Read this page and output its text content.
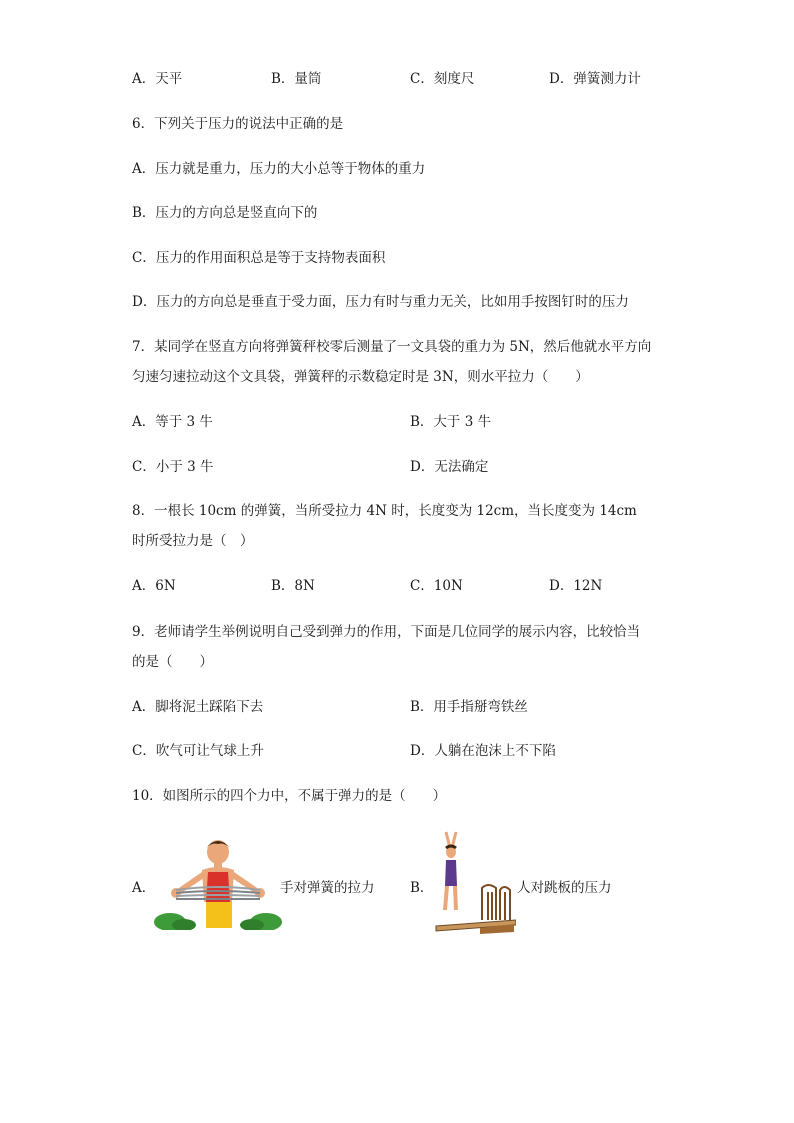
A．天平	B．量筒	C．刻度尺	D．弹簧测力计
6．下列关于压力的说法中正确的是
A．压力就是重力，压力的大小总等于物体的重力
B．压力的方向总是竖直向下的
C．压力的作用面积总是等于支持物表面积
D．压力的方向总是垂直于受力面，压力有时与重力无关，比如用手按图钉时的压力
7．某同学在竖直方向将弹簧秤校零后测量了一文具袋的重力为 5N，然后他就水平方向
匀速匀速拉动这个文具袋，弹簧秤的示数稳定时是 3N，则水平拉力（　　）
A．等于 3 牛	B．大于 3 牛
C．小于 3 牛	D．无法确定
8．一根长 10cm 的弹簧，当所受拉力 4N 时，长度变为 12cm，当长度变为 14cm
时所受拉力是（　）
A．6N	B．8N	C．10N	D．12N
9．老师请学生举例说明自己受到弹力的作用，下面是几位同学的展示内容，比较恰当
的是（　　）
A．脚将泥土踩陷下去	B．用手指掰弯铁丝
C．吹气可让气球上升	D．人躺在泡沫上不下陷
10．如图所示的四个力中，不属于弹力的是（　　）
A．	手对弹簧的拉力	B．	人对跳板的压力
